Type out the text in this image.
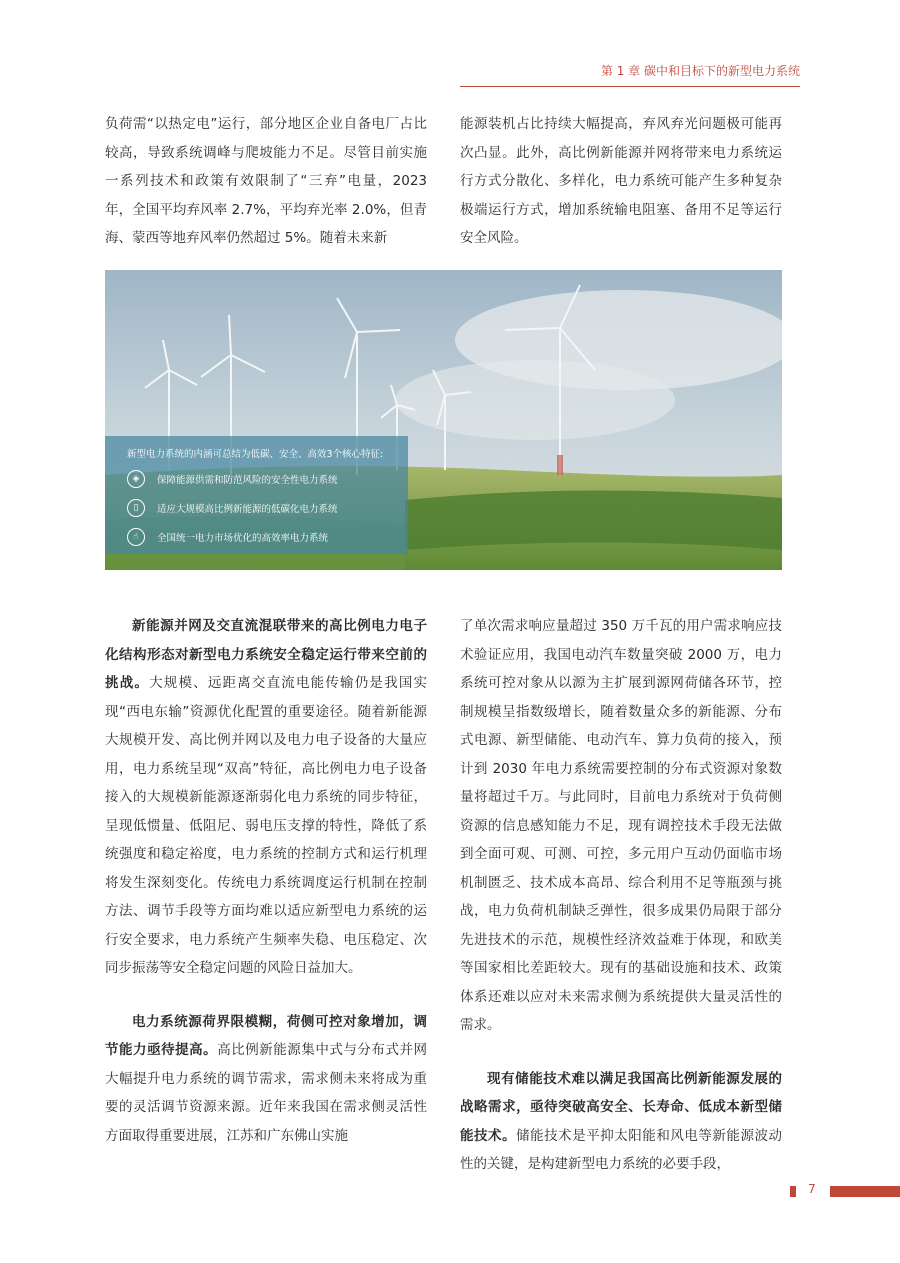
第 1 章 碳中和目标下的新型电力系统

负荷需“以热定电”运行，部分地区企业自备电厂占比较高，导致系统调峰与爬坡能力不足。尽管目前实施一系列技术和政策有效限制了“三弃”电量，2023 年，全国平均弃风率 2.7%，平均弃光率 2.0%，但青海、蒙西等地弃风率仍然超过 5%。随着未来新

能源装机占比持续大幅提高，弃风弃光问题极可能再次凸显。此外，高比例新能源并网将带来电力系统运行方式分散化、多样化，电力系统可能产生多种复杂极端运行方式，增加系统输电阻塞、备用不足等运行安全风险。

新型电力系统的内涵可总结为低碳、安全、高效3个核心特征:
◈	保障能源供需和防范风险的安全性电力系统
▯	适应大规模高比例新能源的低碳化电力系统
☝	全国统一电力市场优化的高效率电力系统

新能源并网及交直流混联带来的高比例电力电子化结构形态对新型电力系统安全稳定运行带来空前的挑战。大规模、远距离交直流电能传输仍是我国实现“西电东输”资源优化配置的重要途径。随着新能源大规模开发、高比例并网以及电力电子设备的大量应用，电力系统呈现“双高”特征，高比例电力电子设备接入的大规模新能源逐渐弱化电力系统的同步特征，呈现低惯量、低阻尼、弱电压支撑的特性，降低了系统强度和稳定裕度，电力系统的控制方式和运行机理将发生深刻变化。传统电力系统调度运行机制在控制方法、调节手段等方面均难以适应新型电力系统的运行安全要求，电力系统产生频率失稳、电压稳定、次同步振荡等安全稳定问题的风险日益加大。

电力系统源荷界限模糊，荷侧可控对象增加，调节能力亟待提高。高比例新能源集中式与分布式并网大幅提升电力系统的调节需求，需求侧未来将成为重要的灵活调节资源来源。近年来我国在需求侧灵活性方面取得重要进展，江苏和广东佛山实施

了单次需求响应量超过 350 万千瓦的用户需求响应技术验证应用，我国电动汽车数量突破 2000 万，电力系统可控对象从以源为主扩展到源网荷储各环节，控制规模呈指数级增长，随着数量众多的新能源、分布式电源、新型储能、电动汽车、算力负荷的接入，预计到 2030 年电力系统需要控制的分布式资源对象数量将超过千万。与此同时，目前电力系统对于负荷侧资源的信息感知能力不足，现有调控技术手段无法做到全面可观、可测、可控，多元用户互动仍面临市场机制匮乏、技术成本高昂、综合利用不足等瓶颈与挑战，电力负荷机制缺乏弹性，很多成果仍局限于部分先进技术的示范，规模性经济效益难于体现，和欧美等国家相比差距较大。现有的基础设施和技术、政策体系还难以应对未来需求侧为系统提供大量灵活性的需求。

现有储能技术难以满足我国高比例新能源发展的战略需求，亟待突破高安全、长寿命、低成本新型储能技术。储能技术是平抑太阳能和风电等新能源波动性的关键，是构建新型电力系统的必要手段，

7
